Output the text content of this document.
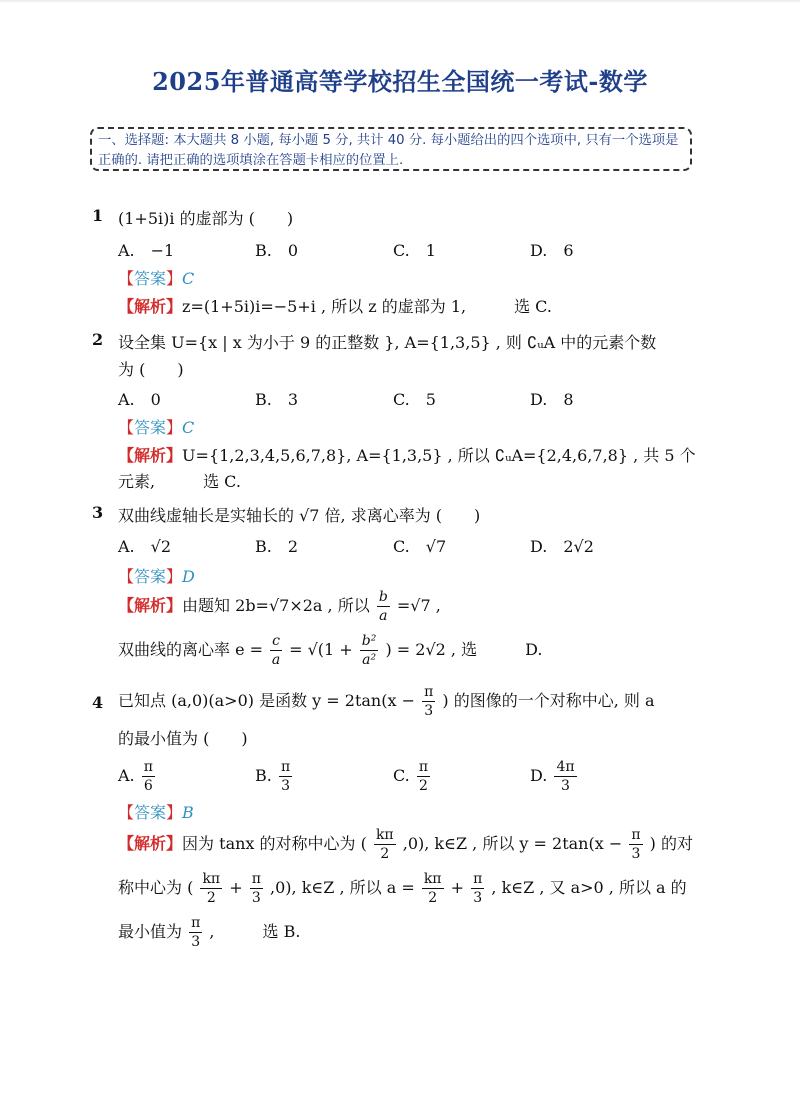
2025年普通高等学校招生全国统一考试-数学
一、选择题: 本大题共 8 小题, 每小题 5 分, 共计 40 分. 每小题给出的四个选项中, 只有一个选项是正确的. 请把正确的选项填涂在答题卡相应的位置上.
1 (1+5i)i 的虚部为 (　　)
A.　−1	B.　0	C.　1	D.　6
【答案】C
【解析】z=(1+5i)i=−5+i , 所以 z 的虚部为 1,　　　选 C.
2 设全集 U={x | x 为小于 9 的正整数 }, A={1,3,5} , 则 ∁ᵤA 中的元素个数
为 (　　)
A.　0	B.　3	C.　5	D.　8
【答案】C
【解析】U={1,2,3,4,5,6,7,8}, A={1,3,5} , 所以 ∁ᵤA={2,4,6,7,8} , 共 5 个
元素,　　　选 C.
3 双曲线虚轴长是实轴长的 √7 倍, 求离心率为 (　　)
A.　√2	B.　2	C.　√7	D.　2√2
【答案】D
【解析】由题知 2b=√7×2a , 所以 $\frac{b}{a} =√7$ ,
双曲线的离心率 $e = \frac{c}{a} = √(1 + \frac{\text{b²}}{\text{a²}}$ ) = 2√2 , 选　　　D.
4 已知点 (a,0)(a>0) 是函数 $y = 2\tan(x - \frac{\pi}{3}$ ) 的图像的一个对称中心, 则 a
的最小值为 (　　)
A. $\frac{\pi}{6}$	B. $\frac{\pi}{3}$	C. $\frac{\pi}{2}$	D. $\frac{4\pi}{3}$
【答案】B
【解析】因为 tanx 的对称中心为 ( $\frac{k\pi}{2} ,0$), k∈Z , 所以 $y = 2\tan(x - \frac{\pi}{3}$ ) 的对
称中心为 ( $\frac{k\pi}{2} + \frac{\pi}{3} ,0$), k∈Z , 所以 $a = \frac{k\pi}{2} + \frac{\pi}{3}$ , k∈Z , 又 a>0 , 所以 a 的
最小值为 $\frac{\pi}{3}$ ,　　　选 B.
